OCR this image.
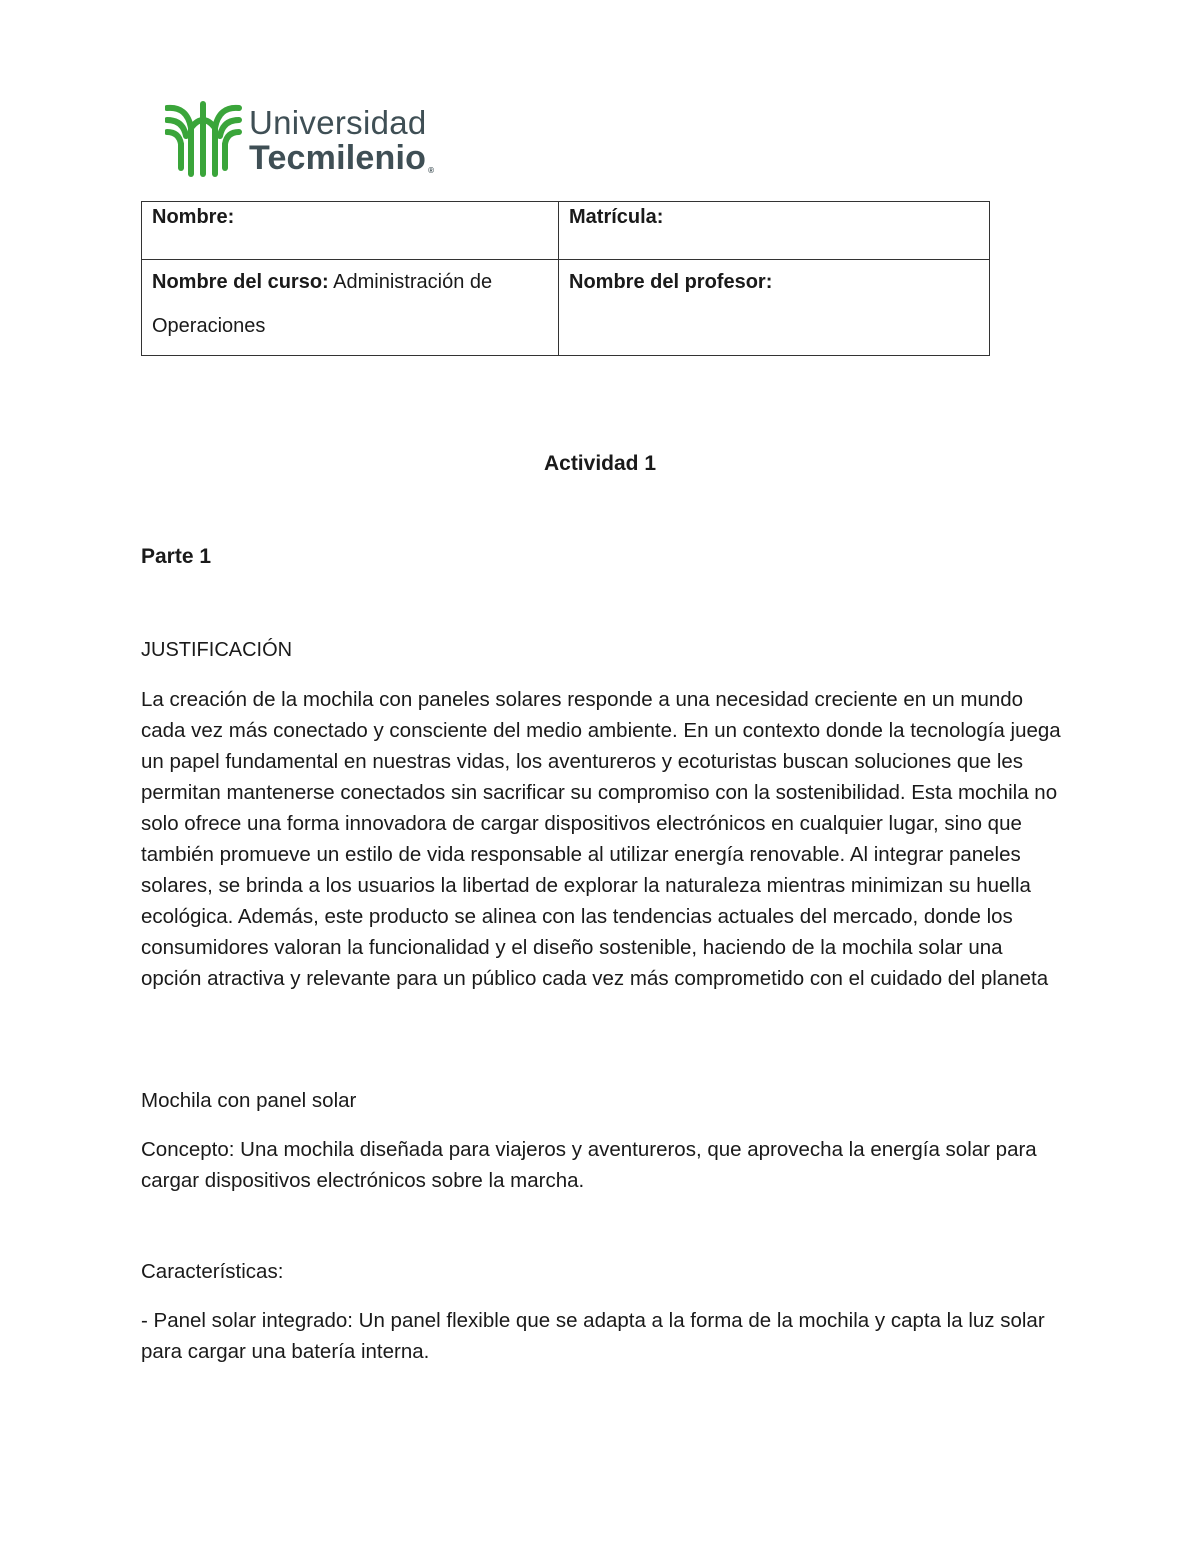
Universidad
Tecmilenio ®
Nombre:	Matrícula:
Nombre del curso: Administración de Operaciones	Nombre del profesor:
Actividad 1
Parte 1
JUSTIFICACIÓN

La creación de la mochila con paneles solares responde a una necesidad creciente en un mundo cada vez más conectado y consciente del medio ambiente. En un contexto donde la tecnología juega un papel fundamental en nuestras vidas, los aventureros y ecoturistas buscan soluciones que les permitan mantenerse conectados sin sacrificar su compromiso con la sostenibilidad. Esta mochila no solo ofrece una forma innovadora de cargar dispositivos electrónicos en cualquier lugar, sino que también promueve un estilo de vida responsable al utilizar energía renovable. Al integrar paneles solares, se brinda a los usuarios la libertad de explorar la naturaleza mientras minimizan su huella ecológica. Además, este producto se alinea con las tendencias actuales del mercado, donde los consumidores valoran la funcionalidad y el diseño sostenible, haciendo de la mochila solar una opción atractiva y relevante para un público cada vez más comprometido con el cuidado del planeta

Mochila con panel solar

Concepto: Una mochila diseñada para viajeros y aventureros, que aprovecha la energía solar para cargar dispositivos electrónicos sobre la marcha.

Características:

- Panel solar integrado: Un panel flexible que se adapta a la forma de la mochila y capta la luz solar para cargar una batería interna.
